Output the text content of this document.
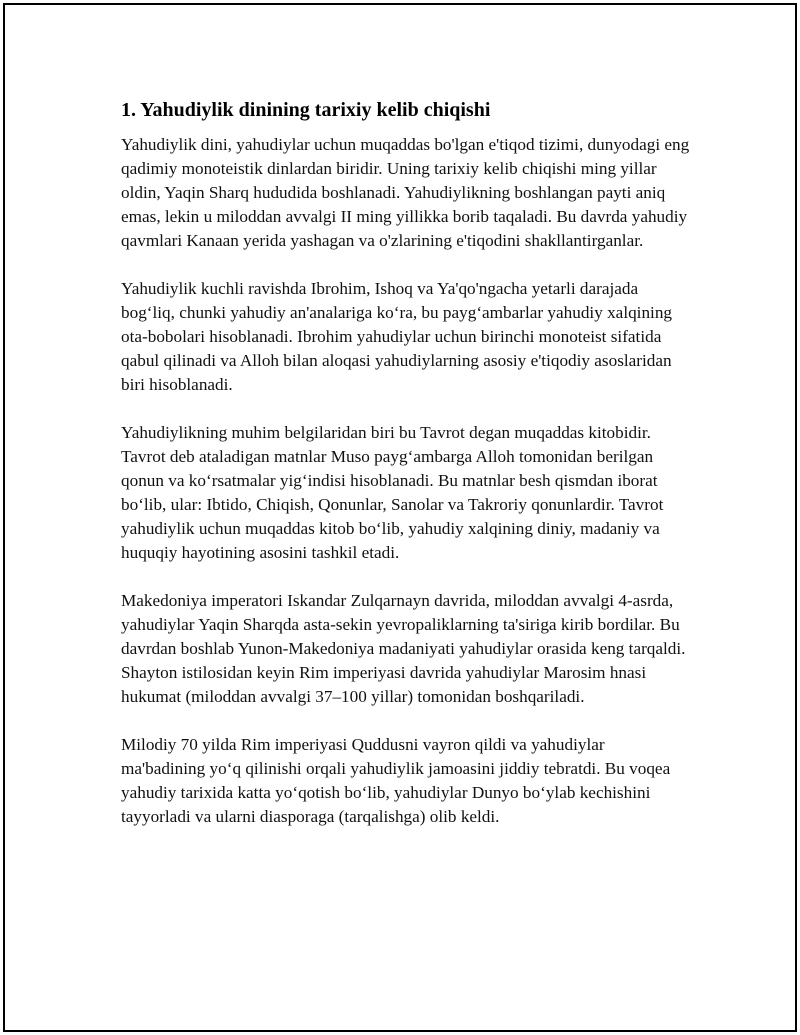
1. Yahudiylik dinining tarixiy kelib chiqishi

Yahudiylik dini, yahudiylar uchun muqaddas bo'lgan e'tiqod tizimi, dunyodagi eng qadimiy monoteistik dinlardan biridir. Uning tarixiy kelib chiqishi ming yillar oldin, Yaqin Sharq hududida boshlanadi. Yahudiylikning boshlangan payti aniq emas, lekin u miloddan avvalgi II ming yillikka borib taqaladi. Bu davrda yahudiy qavmlari Kanaan yerida yashagan va o'zlarining e'tiqodini shakllantirganlar.

Yahudiylik kuchli ravishda Ibrohim, Ishoq va Ya'qo'ngacha yetarli darajada bog‘liq, chunki yahudiy an'analariga ko‘ra, bu payg‘ambarlar yahudiy xalqining ota-bobolari hisoblanadi. Ibrohim yahudiylar uchun birinchi monoteist sifatida qabul qilinadi va Alloh bilan aloqasi yahudiylarning asosiy e'tiqodiy asoslaridan biri hisoblanadi.

Yahudiylikning muhim belgilaridan biri bu Tavrot degan muqaddas kitobidir. Tavrot deb ataladigan matnlar Muso payg‘ambarga Alloh tomonidan berilgan qonun va ko‘rsatmalar yig‘indisi hisoblanadi. Bu matnlar besh qismdan iborat bo‘lib, ular: Ibtido, Chiqish, Qonunlar, Sanolar va Takroriy qonunlardir. Tavrot yahudiylik uchun muqaddas kitob bo‘lib, yahudiy xalqining diniy, madaniy va huquqiy hayotining asosini tashkil etadi.

Makedoniya imperatori Iskandar Zulqarnayn davrida, miloddan avvalgi 4-asrda, yahudiylar Yaqin Sharqda asta-sekin yevropaliklarning ta'siriga kirib bordilar. Bu davrdan boshlab Yunon-Makedoniya madaniyati yahudiylar orasida keng tarqaldi. Shayton istilosidan keyin Rim imperiyasi davrida yahudiylar Marosim hnasi hukumat (miloddan avvalgi 37–100 yillar) tomonidan boshqariladi.

Milodiy 70 yilda Rim imperiyasi Quddusni vayron qildi va yahudiylar ma'badining yo‘q qilinishi orqali yahudiylik jamoasini jiddiy tebratdi. Bu voqea yahudiy tarixida katta yo‘qotish bo‘lib, yahudiylar Dunyo bo‘ylab kechishini tayyorladi va ularni diasporaga (tarqalishga) olib keldi.
